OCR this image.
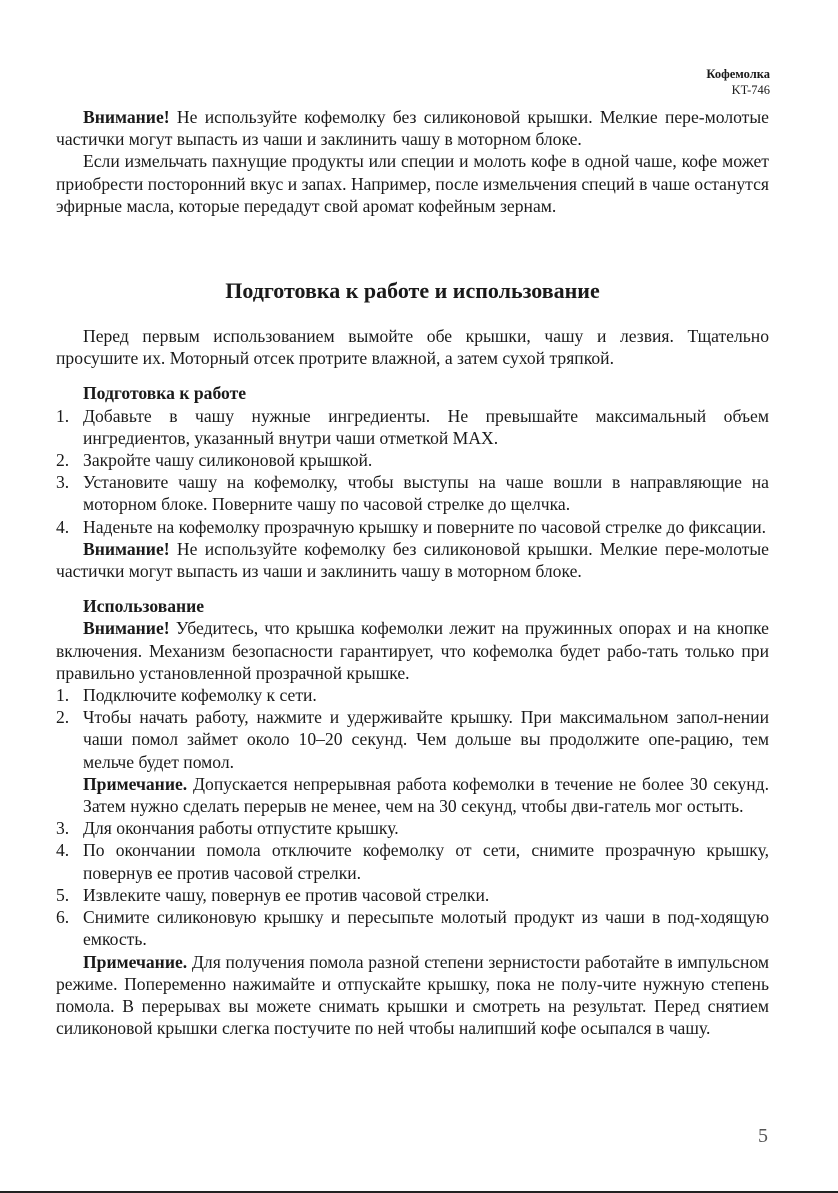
Кофемолка
KT-746

Внимание! Не используйте кофемолку без силиконовой крышки. Мелкие пере-молотые частички могут выпасть из чаши и заклинить чашу в моторном блоке.

Если измельчать пахнущие продукты или специи и молоть кофе в одной чаше, кофе может приобрести посторонний вкус и запах. Например, после измельчения специй в чаше останутся эфирные масла, которые передадут свой аромат кофейным зернам.

Подготовка к работе и использование

Перед первым использованием вымойте обе крышки, чашу и лезвия. Тщательно просушите их. Моторный отсек протрите влажной, а затем сухой тряпкой.

Подготовка к работе
1. Добавьте в чашу нужные ингредиенты. Не превышайте максимальный объем ингредиентов, указанный внутри чаши отметкой MAX.
2. Закройте чашу силиконовой крышкой.
3. Установите чашу на кофемолку, чтобы выступы на чаше вошли в направляющие на моторном блоке. Поверните чашу по часовой стрелке до щелчка.
4. Наденьте на кофемолку прозрачную крышку и поверните по часовой стрелке до фиксации.

Внимание! Не используйте кофемолку без силиконовой крышки. Мелкие пере-молотые частички могут выпасть из чаши и заклинить чашу в моторном блоке.

Использование

Внимание! Убедитесь, что крышка кофемолки лежит на пружинных опорах и на кнопке включения. Механизм безопасности гарантирует, что кофемолка будет рабо-тать только при правильно установленной прозрачной крышке.

1. Подключите кофемолку к сети.
2. Чтобы начать работу, нажмите и удерживайте крышку. При максимальном запол-нении чаши помол займет около 10–20 секунд. Чем дольше вы продолжите опе-рацию, тем мельче будет помол.

Примечание. Допускается непрерывная работа кофемолки в течение не более 30 секунд. Затем нужно сделать перерыв не менее, чем на 30 секунд, чтобы дви-гатель мог остыть.

3. Для окончания работы отпустите крышку.
4. По окончании помола отключите кофемолку от сети, снимите прозрачную крышку, повернув ее против часовой стрелки.
5. Извлеките чашу, повернув ее против часовой стрелки.
6. Снимите силиконовую крышку и пересыпьте молотый продукт из чаши в под-ходящую емкость.

Примечание. Для получения помола разной степени зернистости работайте в импульсном режиме. Попеременно нажимайте и отпускайте крышку, пока не полу-чите нужную степень помола. В перерывах вы можете снимать крышки и смотреть на результат. Перед снятием силиконовой крышки слегка постучите по ней чтобы налипший кофе осыпался в чашу.

5
